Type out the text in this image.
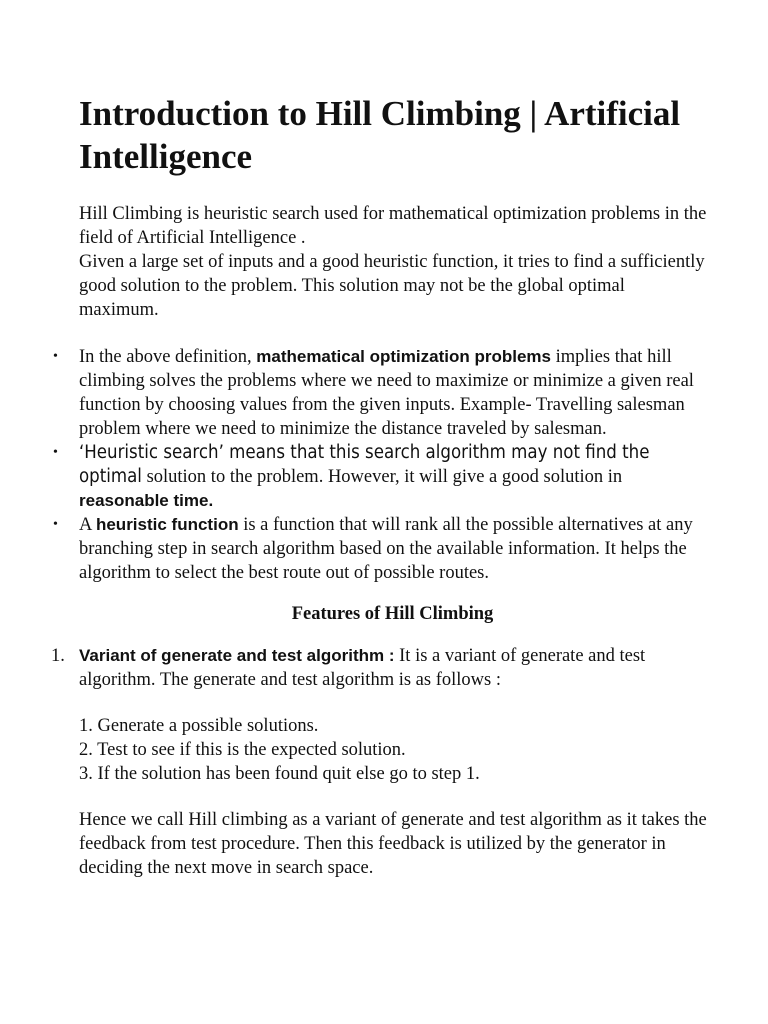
Introduction to Hill Climbing | Artificial Intelligence

Hill Climbing is heuristic search used for mathematical optimization problems in the field of Artificial Intelligence .

Given a large set of inputs and a good heuristic function, it tries to find a sufficiently good solution to the problem. This solution may not be the global optimal maximum.

• In the above definition, mathematical optimization problems implies that hill climbing solves the problems where we need to maximize or minimize a given real function by choosing values from the given inputs. Example- Travelling salesman problem where we need to minimize the distance traveled by salesman.
• ‘Heuristic search’ means that this search algorithm may not find the optimal solution to the problem. However, it will give a good solution in reasonable time.
• A heuristic function is a function that will rank all the possible alternatives at any branching step in search algorithm based on the available information. It helps the algorithm to select the best route out of possible routes.
Features of Hill Climbing
1. Variant of generate and test algorithm : It is a variant of generate and test algorithm. The generate and test algorithm is as follows :
1. Generate a possible solutions.
2. Test to see if this is the expected solution.
3. If the solution has been found quit else go to step 1.

Hence we call Hill climbing as a variant of generate and test algorithm as it takes the feedback from test procedure. Then this feedback is utilized by the generator in deciding the next move in search space.
